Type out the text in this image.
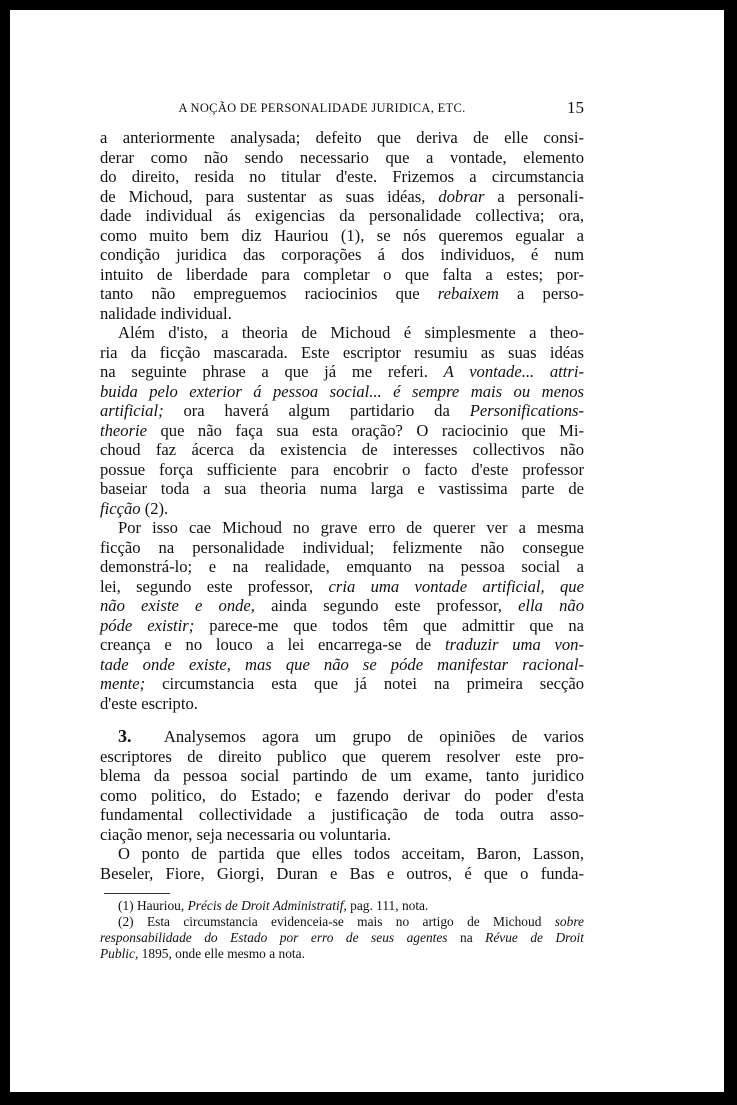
A NOÇÃO DE PERSONALIDADE JURIDICA, ETC.	15
a anteriormente analysada; defeito que deriva de elle consi-
derar como não sendo necessario que a vontade, elemento
do direito, resida no titular d'este. Frizemos a circumstancia
de Michoud, para sustentar as suas idéas, dobrar a personali-
dade individual ás exigencias da personalidade collectiva; ora,
como muito bem diz Hauriou (1), se nós queremos egualar a
condição juridica das corporações á dos individuos, é num
intuito de liberdade para completar o que falta a estes; por-
tanto não empreguemos raciocinios que rebaixem a perso-
nalidade individual.
Além d'isto, a theoria de Michoud é simplesmente a theo-
ria da ficção mascarada. Este escriptor resumiu as suas idéas
na seguinte phrase a que já me referi. A vontade... attri-
buida pelo exterior á pessoa social... é sempre mais ou menos
artificial; ora haverá algum partidario da Personifications-
theorie que não faça sua esta oração? O raciocinio que Mi-
choud faz ácerca da existencia de interesses collectivos não
possue força sufficiente para encobrir o facto d'este professor
baseiar toda a sua theoria numa larga e vastissima parte de
ficção (2).
Por isso cae Michoud no grave erro de querer ver a mesma
ficção na personalidade individual; felizmente não consegue
demonstrá-lo; e na realidade, emquanto na pessoa social a
lei, segundo este professor, cria uma vontade artificial, que
não existe e onde, ainda segundo este professor, ella não
póde existir; parece-me que todos têm que admittir que na
creança e no louco a lei encarrega-se de traduzir uma von-
tade onde existe, mas que não se póde manifestar racional-
mente; circumstancia esta que já notei na primeira secção
d'este escripto.
3. Analysemos agora um grupo de opiniões de varios
escriptores de direito publico que querem resolver este pro-
blema da pessoa social partindo de um exame, tanto juridico
como politico, do Estado; e fazendo derivar do poder d'esta
fundamental collectividade a justificação de toda outra asso-
ciação menor, seja necessaria ou voluntaria.
O ponto de partida que elles todos acceitam, Baron, Lasson,
Beseler, Fiore, Giorgi, Duran e Bas e outros, é que o funda-
(1) Hauriou, Précis de Droit Administratif, pag. 111, nota.
(2) Esta circumstancia evidenceia-se mais no artigo de Michoud sobre
responsabilidade do Estado por erro de seus agentes na Révue de Droit
Public, 1895, onde elle mesmo a nota.
